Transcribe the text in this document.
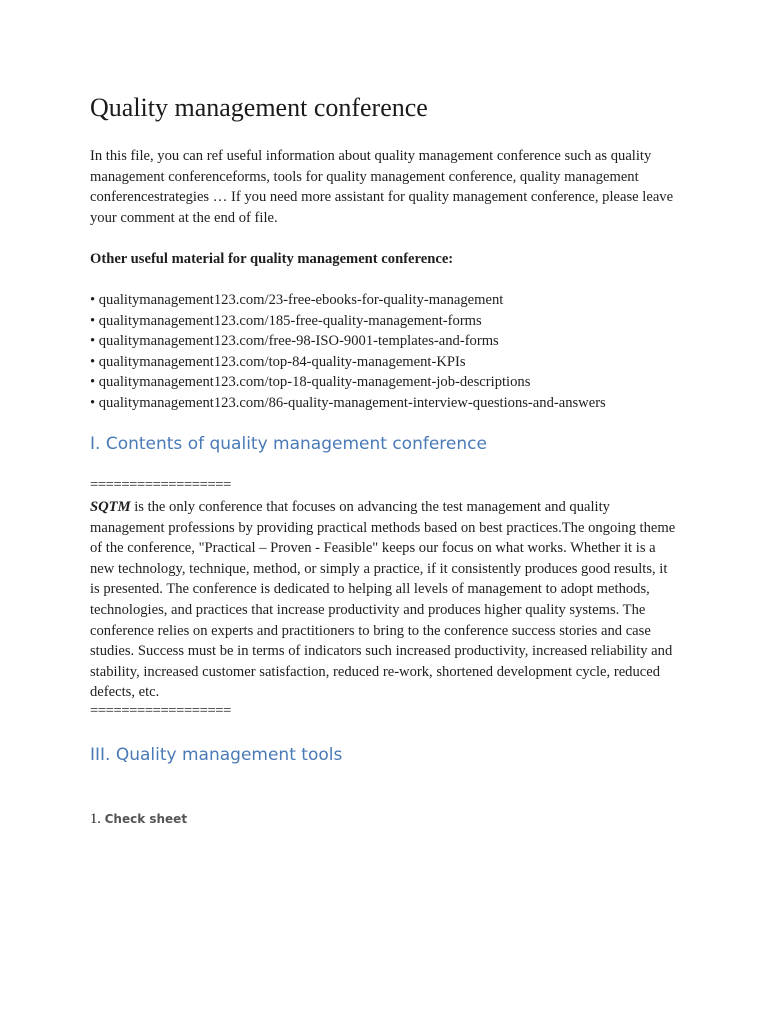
Quality management conference

In this file, you can ref useful information about quality management conference such as quality management conferenceforms, tools for quality management conference, quality management conferencestrategies … If you need more assistant for quality management conference, please leave your comment at the end of file.

Other useful material for quality management conference:

• qualitymanagement123.com/23-free-ebooks-for-quality-management
• qualitymanagement123.com/185-free-quality-management-forms
• qualitymanagement123.com/free-98-ISO-9001-templates-and-forms
• qualitymanagement123.com/top-84-quality-management-KPIs
• qualitymanagement123.com/top-18-quality-management-job-descriptions
• qualitymanagement123.com/86-quality-management-interview-questions-and-answers
I. Contents of quality management conference

==================

SQTM is the only conference that focuses on advancing the test management and quality management professions by providing practical methods based on best practices.The ongoing theme of the conference, "Practical – Proven - Feasible" keeps our focus on what works. Whether it is a new technology, technique, method, or simply a practice, if it consistently produces good results, it is presented. The conference is dedicated to helping all levels of management to adopt methods, technologies, and practices that increase productivity and produces higher quality systems. The conference relies on experts and practitioners to bring to the conference success stories and case studies. Success must be in terms of indicators such increased productivity, increased reliability and stability, increased customer satisfaction, reduced re-work, shortened development cycle, reduced defects, etc.

==================

III. Quality management tools

1. Check sheet
